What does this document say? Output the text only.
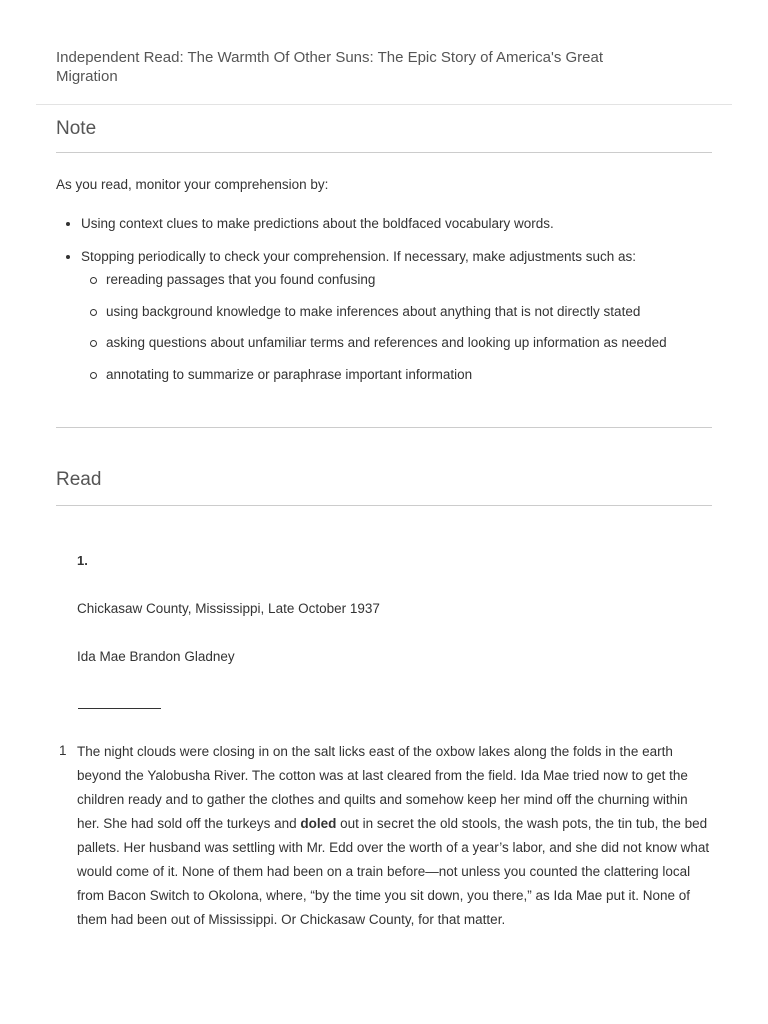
Independent Read: The Warmth Of Other Suns: The Epic Story of America's Great Migration
Note

As you read, monitor your comprehension by:

Using context clues to make predictions about the boldfaced vocabulary words.
Stopping periodically to check your comprehension. If necessary, make adjustments such as:
rereading passages that you found confusing
using background knowledge to make inferences about anything that is not directly stated
asking questions about unfamiliar terms and references and looking up information as needed
annotating to summarize or paraphrase important information
Read
1.

Chickasaw County, Mississippi, Late October 1937

Ida Mae Brandon Gladney

1 The night clouds were closing in on the salt licks east of the oxbow lakes along the folds in the earth beyond the Yalobusha River. The cotton was at last cleared from the field. Ida Mae tried now to get the children ready and to gather the clothes and quilts and somehow keep her mind off the churning within her. She had sold off the turkeys and doled out in secret the old stools, the wash pots, the tin tub, the bed pallets. Her husband was settling with Mr. Edd over the worth of a year’s labor, and she did not know what would come of it. None of them had been on a train before—not unless you counted the clattering local from Bacon Switch to Okolona, where, “by the time you sit down, you there,” as Ida Mae put it. None of them had been out of Mississippi. Or Chickasaw County, for that matter.
